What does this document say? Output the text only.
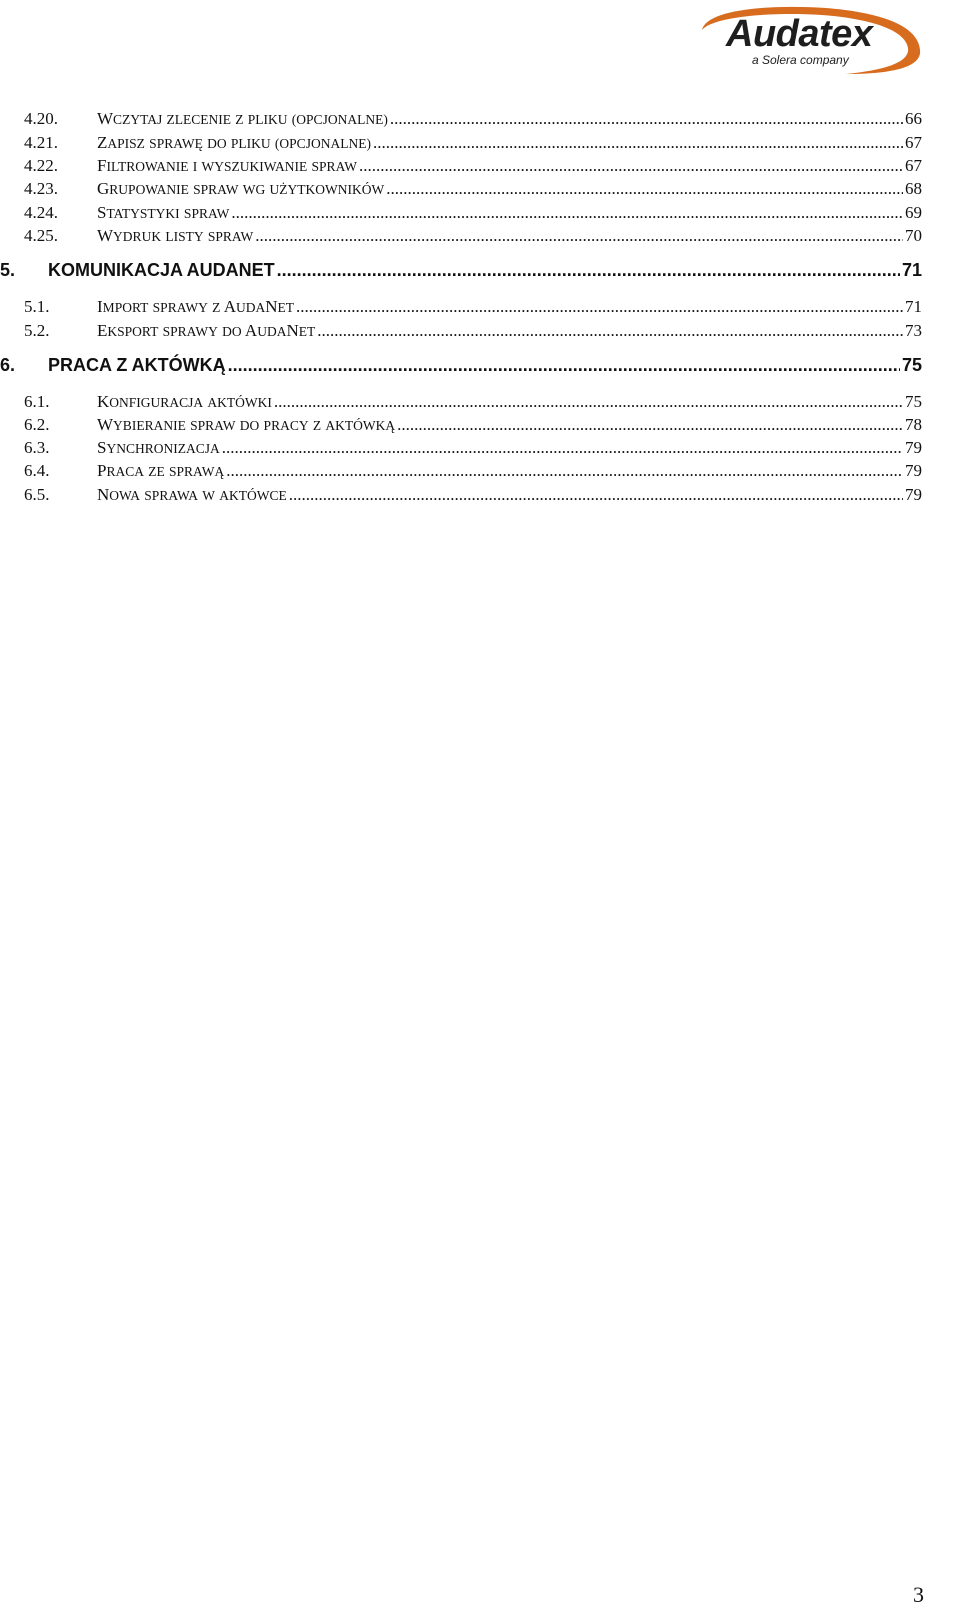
Audatex
a Solera company
4.20.	WCZYTAJ ZLECENIE Z PLIKU (OPCJONALNE) .....	66
4.21.	ZAPISZ SPRAWĘ DO PLIKU (OPCJONALNE) .....	67
4.22.	FILTROWANIE I WYSZUKIWANIE SPRAW .....	67
4.23.	GRUPOWANIE SPRAW WG UŻYTKOWNIKÓW .....	68
4.24.	STATYSTYKI SPRAW .....	69
4.25.	WYDRUK LISTY SPRAW .....	70
5.	KOMUNIKACJA AUDANET .....	71
5.1.	IMPORT SPRAWY Z AUDANET .....	71
5.2.	EKSPORT SPRAWY DO AUDANET .....	73
6.	PRACA Z AKTÓWKĄ .....	75
6.1.	KONFIGURACJA AKTÓWKI .....	75
6.2.	WYBIERANIE SPRAW DO PRACY Z AKTÓWKĄ .....	78
6.3.	SYNCHRONIZACJA .....	79
6.4.	PRACA ZE SPRAWĄ .....	79
6.5.	NOWA SPRAWA W AKTÓWCE .....	79
3
